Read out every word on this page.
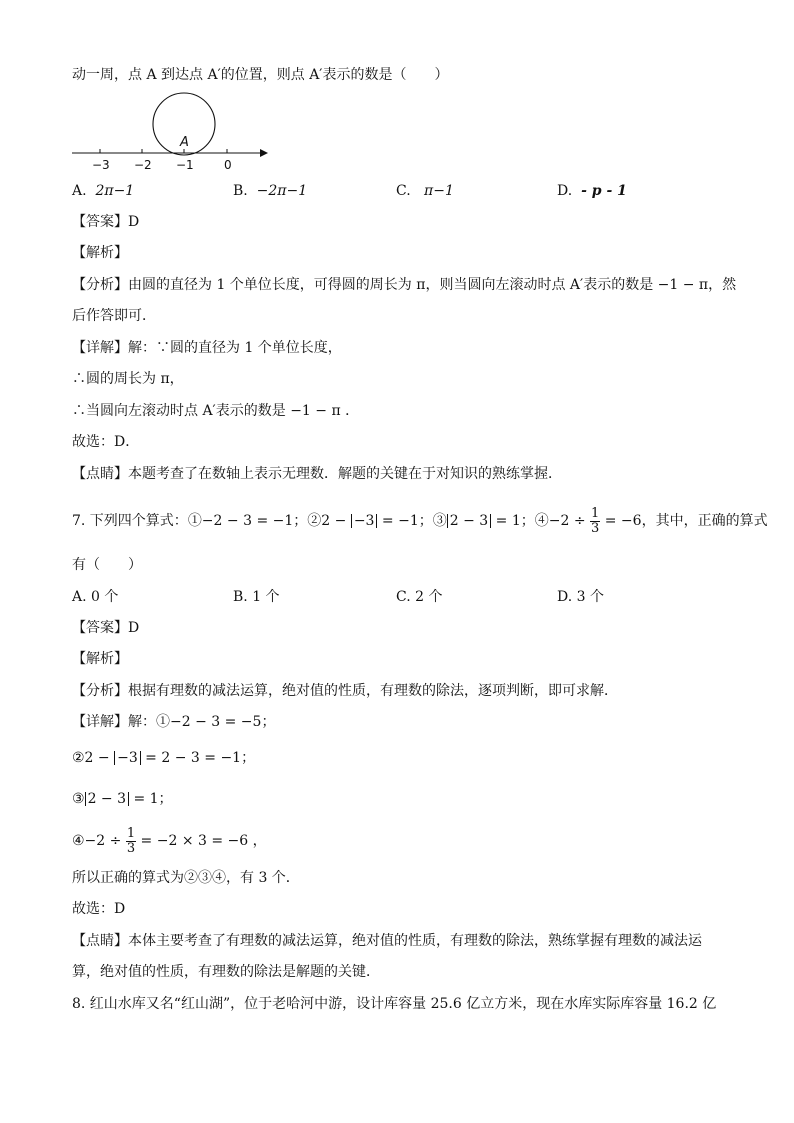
动一周，点 A 到达点 A′的位置，则点 A′表示的数是（　　）
A
−3 −2 −1	0
A. 2π−1	B. −2π−1	C. π−1	D. - p - 1
【答案】D
【解析】
【分析】由圆的直径为 1 个单位长度，可得圆的周长为 π，则当圆向左滚动时点 A′表示的数是 −1 − π，然
后作答即可．
【详解】解：∵圆的直径为 1 个单位长度，
∴圆的周长为 π，
∴当圆向左滚动时点 A′表示的数是 −1 − π ．
故选：D．
【点睛】本题考查了在数轴上表示无理数．解题的关键在于对知识的熟练掌握．
7. 下列四个算式：①−2 − 3 = −1；②2 − −3 = −1；③ 2 − 3 = 1；④−2 ÷ $\frac{1}{3} = -6$，其中，正确的算式
有（　　）
A. 0 个	B. 1 个	C. 2 个	D. 3 个
【答案】D
【解析】
【分析】根据有理数的减法运算，绝对值的性质，有理数的除法，逐项判断，即可求解．
【详解】解：①−2 − 3 = −5；
②2 − −3 = 2 − 3 = −1；
③ 2 − 3 = 1；
④−2 ÷ $\frac{1}{3} = -2 \times 3 = -6$ ，
所以正确的算式为②③④，有 3 个．
故选：D
【点睛】本体主要考查了有理数的减法运算，绝对值的性质，有理数的除法，熟练掌握有理数的减法运
算，绝对值的性质，有理数的除法是解题的关键．
8. 红山水库又名“红山湖”，位于老哈河中游，设计库容量 25.6 亿立方米，现在水库实际库容量 16.2 亿
